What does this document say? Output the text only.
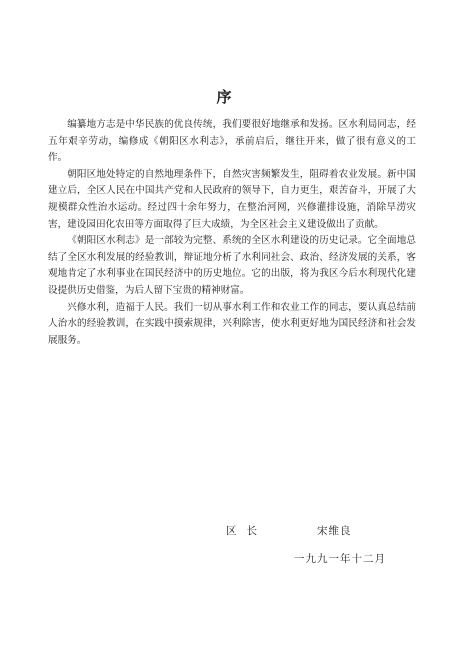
序

编纂地方志是中华民族的优良传统，我们要很好地继承和发扬。区水利局同志，经五年艰辛劳动，编修成《朝阳区水利志》，承前启后，继往开来，做了很有意义的工作。

朝阳区地处特定的自然地理条件下，自然灾害频繁发生，阻碍着农业发展。新中国建立后，全区人民在中国共产党和人民政府的领导下，自力更生，艰苦奋斗，开展了大规模群众性治水运动。经过四十余年努力，在整治河网，兴修灌排设施，消除旱涝灾害，建设园田化农田等方面取得了巨大成绩，为全区社会主义建设做出了贡献。

《朝阳区水利志》是一部较为完整、系统的全区水利建设的历史记录。它全面地总结了全区水利发展的经验教训，辩证地分析了水利同社会、政治、经济发展的关系，客观地肯定了水利事业在国民经济中的历史地位。它的出版，将为我区今后水利现代化建设提供历史借鉴，为后人留下宝贵的精神财富。

兴修水利，造福于人民。我们一切从事水利工作和农业工作的同志，要认真总结前人治水的经验教训，在实践中摸索规律，兴利除害，使水利更好地为国民经济和社会发展服务。

区长	宋维良
一九九一年十二月
